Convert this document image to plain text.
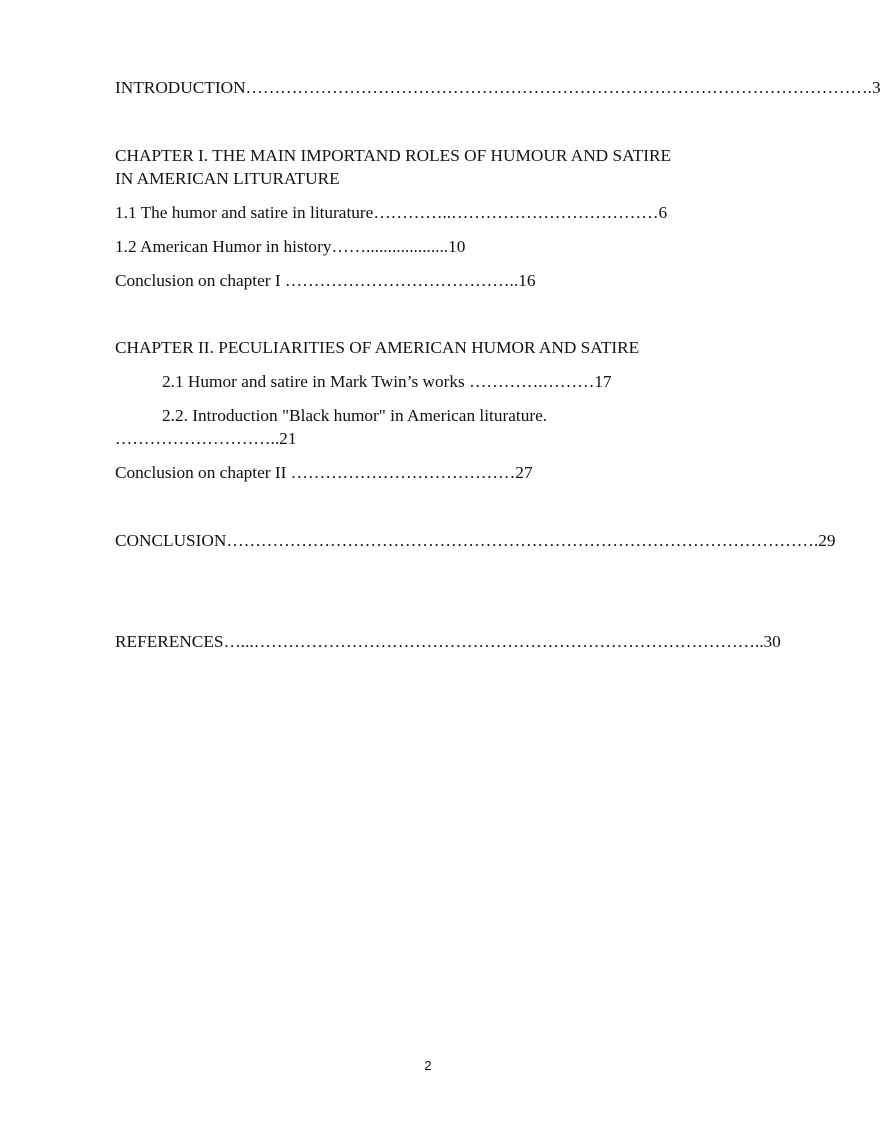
INTRODUCTION……………………………………………………………………………………………….3
CHAPTER I. THE MAIN IMPORTAND ROLES OF HUMOUR AND SATIRE
IN AMERICAN LITURATURE
1.1 The humor and satire in liturature…………..………………………………6
1.2 American Humor in history……...................10
Conclusion on chapter I …………………………………..16
CHAPTER II. PECULIARITIES OF AMERICAN HUMOR AND SATIRE
2.1 Humor and satire in Mark Twin’s works ………….………17
2.2. Introduction "Black humor" in American liturature.
………………………..21
Conclusion on chapter II …………………………………27
CONCLUSION………………………………………………………………………………………….29
REFERENCES…...……………………………………………………………………………..30
2
